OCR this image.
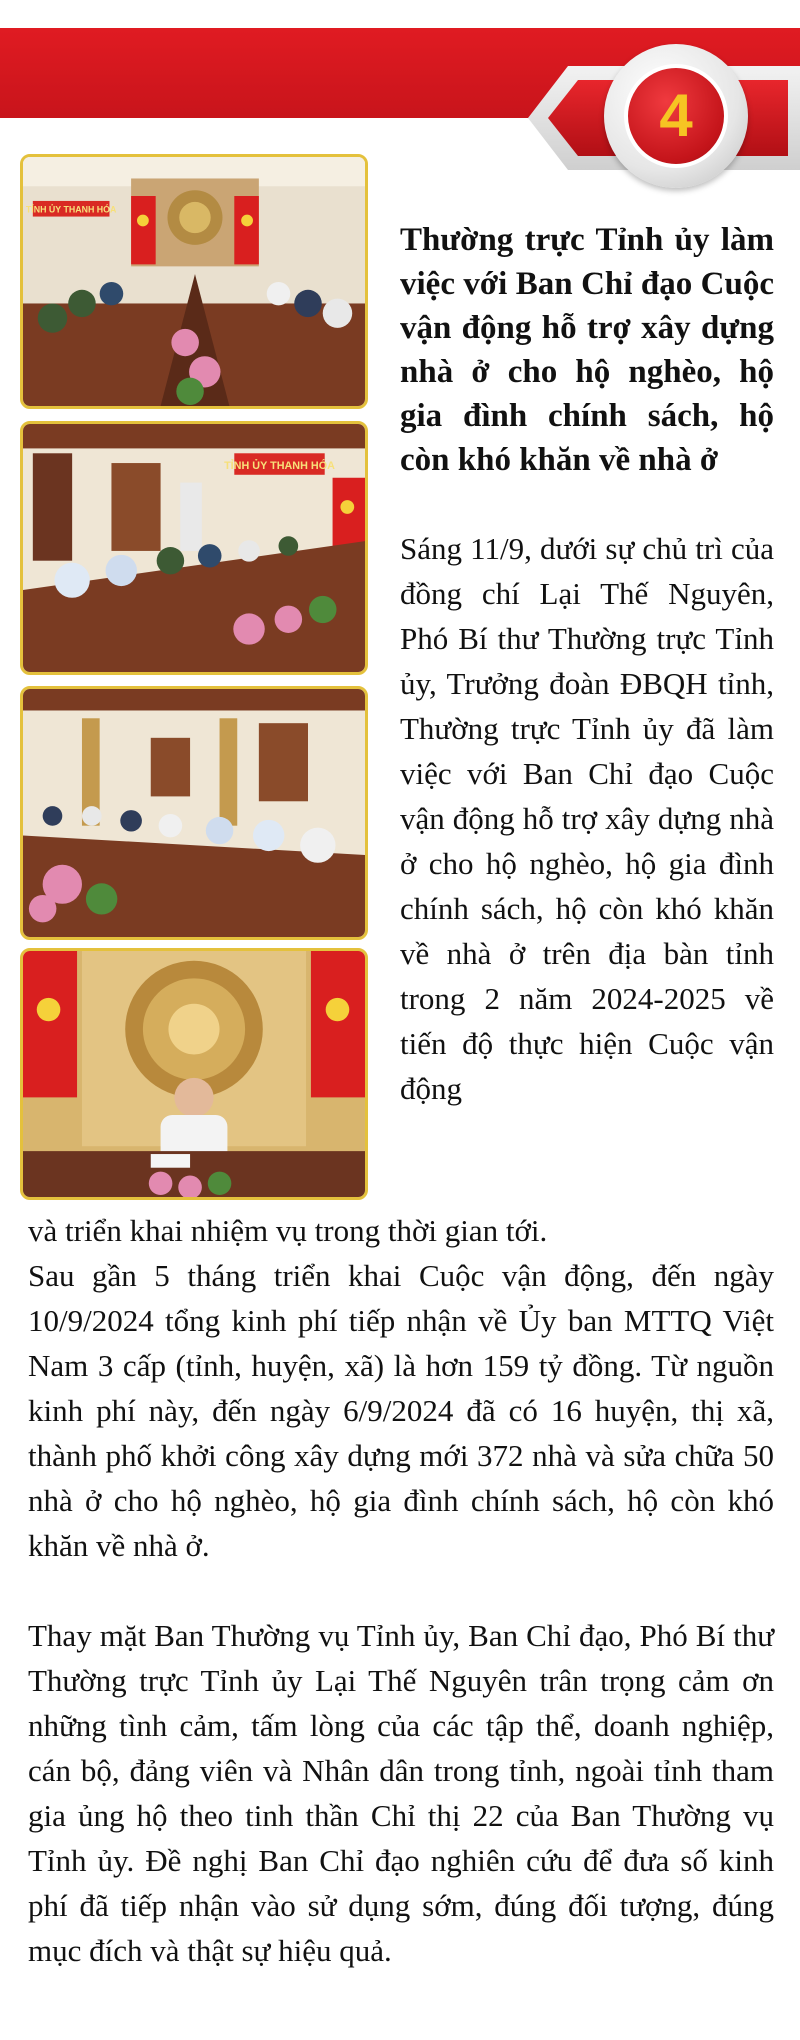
4
TỈNH ỦY THANH HÓA
TỈNH ỦY THANH HÓA
Thường trực Tỉnh ủy làm việc với Ban Chỉ đạo Cuộc vận động hỗ trợ xây dựng nhà ở cho hộ nghèo, hộ gia đình chính sách, hộ còn khó khăn về nhà ở

Sáng 11/9, dưới sự chủ trì của đồng chí Lại Thế Nguyên, Phó Bí thư Thường trực Tỉnh ủy, Trưởng đoàn ĐBQH tỉnh, Thường trực Tỉnh ủy đã làm việc với Ban Chỉ đạo Cuộc vận động hỗ trợ xây dựng nhà ở cho hộ nghèo, hộ gia đình chính sách, hộ còn khó khăn về nhà ở trên địa bàn tỉnh trong 2 năm 2024-2025 về tiến độ thực hiện Cuộc vận động

và triển khai nhiệm vụ trong thời gian tới.

Sau gần 5 tháng triển khai Cuộc vận động, đến ngày 10/9/2024 tổng kinh phí tiếp nhận về Ủy ban MTTQ Việt Nam 3 cấp (tỉnh, huyện, xã) là hơn 159 tỷ đồng. Từ nguồn kinh phí này, đến ngày 6/9/2024 đã có 16 huyện, thị xã, thành phố khởi công xây dựng mới 372 nhà và sửa chữa 50 nhà ở cho hộ nghèo, hộ gia đình chính sách, hộ còn khó khăn về nhà ở.

Thay mặt Ban Thường vụ Tỉnh ủy, Ban Chỉ đạo, Phó Bí thư Thường trực Tỉnh ủy Lại Thế Nguyên trân trọng cảm ơn những tình cảm, tấm lòng của các tập thể, doanh nghiệp, cán bộ, đảng viên và Nhân dân trong tỉnh, ngoài tỉnh tham gia ủng hộ theo tinh thần Chỉ thị 22 của Ban Thường vụ Tỉnh ủy. Đề nghị Ban Chỉ đạo nghiên cứu để đưa số kinh phí đã tiếp nhận vào sử dụng sớm, đúng đối tượng, đúng mục đích và thật sự hiệu quả.
